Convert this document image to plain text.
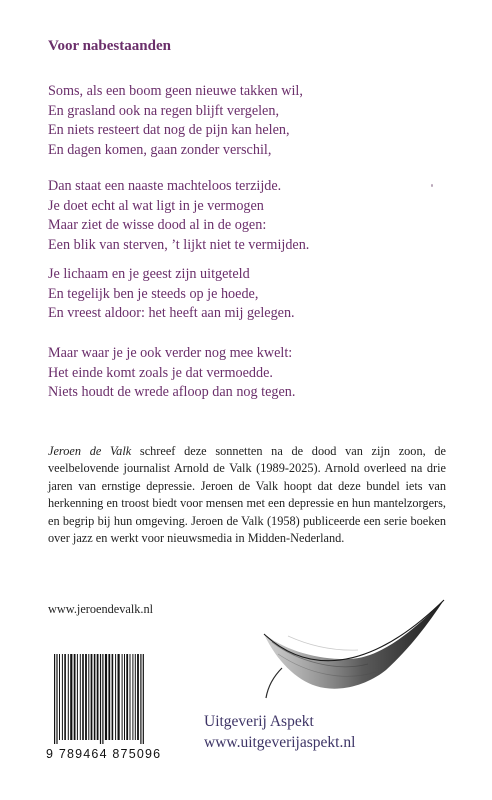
Voor nabestaanden
Soms, als een boom geen nieuwe takken wil,
En grasland ook na regen blijft vergelen,
En niets resteert dat nog de pijn kan helen,
En dagen komen, gaan zonder verschil,
Dan staat een naaste machteloos terzijde.
Je doet echt al wat ligt in je vermogen
Maar ziet de wisse dood al in de ogen:
Een blik van sterven, ’t lijkt niet te vermijden.
Je lichaam en je geest zijn uitgeteld
En tegelijk ben je steeds op je hoede,
En vreest aldoor: het heeft aan mij gelegen.
Maar waar je je ook verder nog mee kwelt:
Het einde komt zoals je dat vermoedde.
Niets houdt de wrede afloop dan nog tegen.
Jeroen de Valk schreef deze sonnetten na de dood van zijn zoon, de veelbelovende journalist Arnold de Valk (1989-2025). Arnold overleed na drie jaren van ernstige depressie. Jeroen de Valk hoopt dat deze bundel iets van herkenning en troost biedt voor mensen met een depressie en hun mantelzorgers, en begrip bij hun omgeving. Jeroen de Valk (1958) publiceerde een serie boeken over jazz en werkt voor nieuwsmedia in Midden-Nederland.
www.jeroendevalk.nl
9 789464 875096
Uitgeverij Aspekt
www.uitgeverijaspekt.nl
